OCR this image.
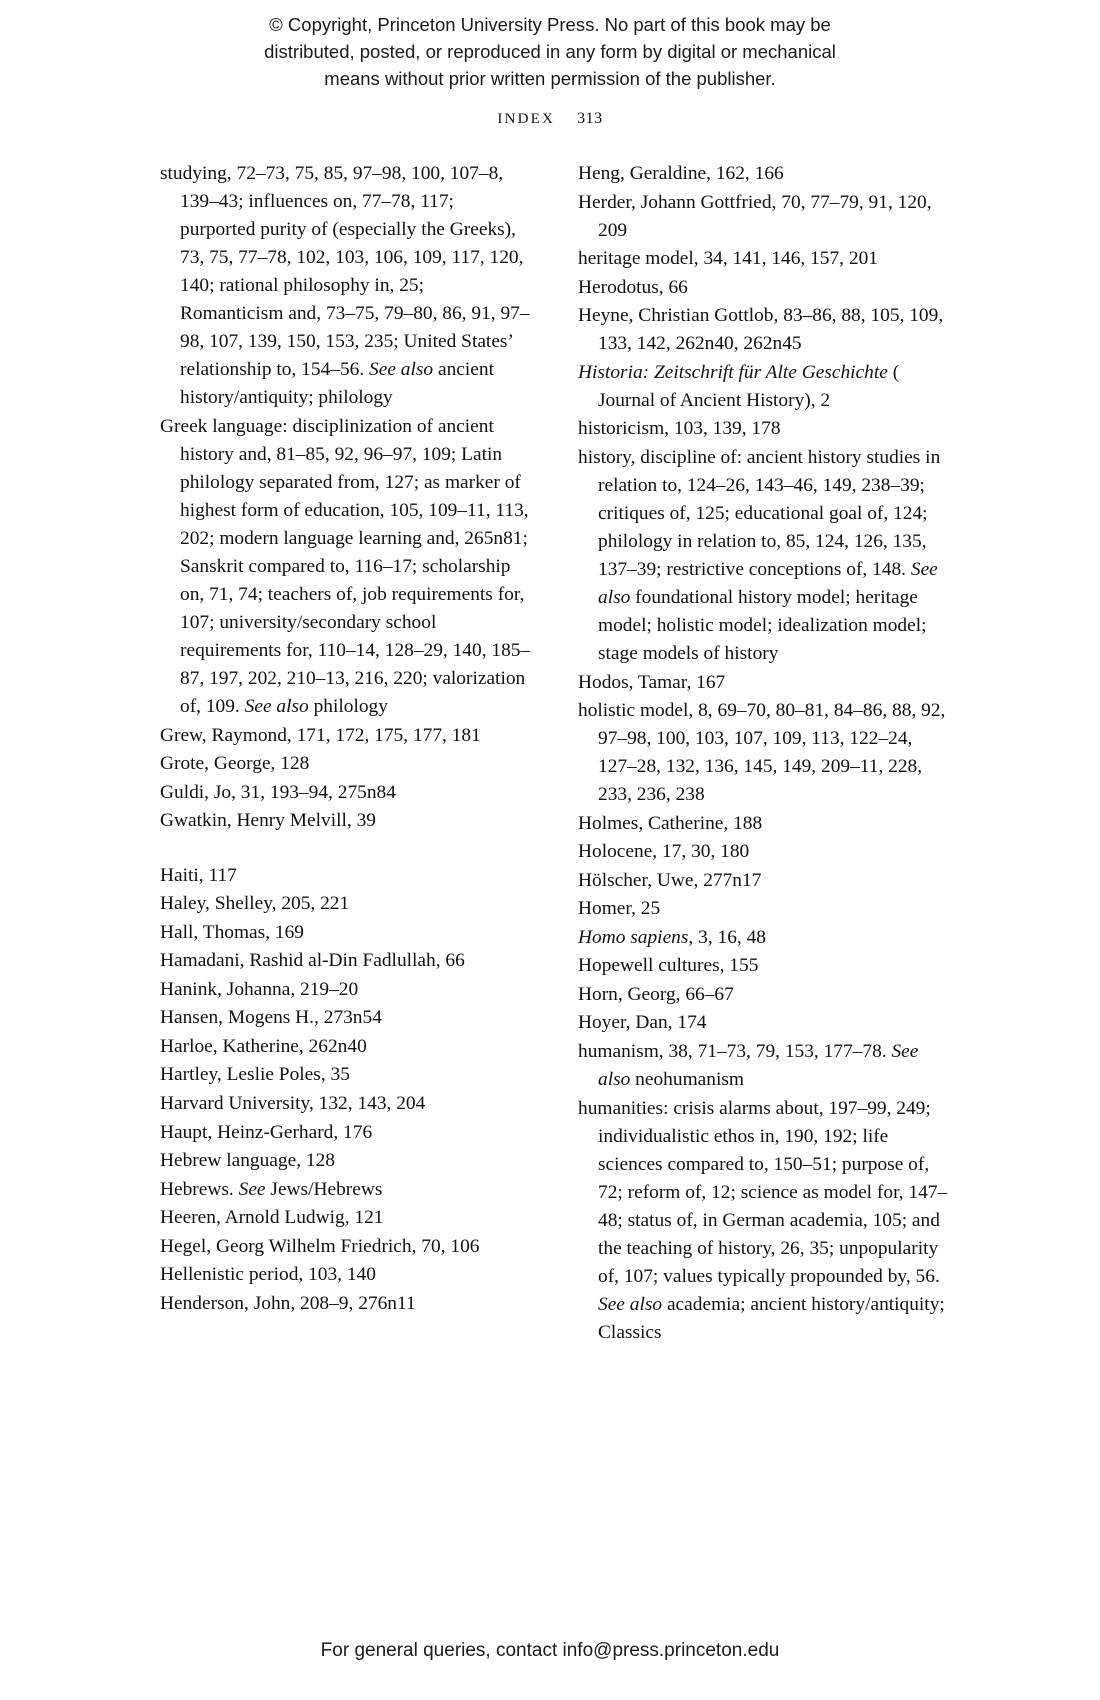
© Copyright, Princeton University Press. No part of this book may be
distributed, posted, or reproduced in any form by digital or mechanical
means without prior written permission of the publisher.
INDEX 313

studying, 72–73, 75, 85, 97–98, 100, 107–8, 139–43; influences on, 77–78, 117; purported purity of (especially the Greeks), 73, 75, 77–78, 102, 103, 106, 109, 117, 120, 140; rational philosophy in, 25; Romanticism and, 73–75, 79–80, 86, 91, 97–98, 107, 139, 150, 153, 235; United States’ relationship to, 154–56. See also ancient history/antiquity; philology

Greek language: disciplinization of ancient history and, 81–85, 92, 96–97, 109; Latin philology separated from, 127; as marker of highest form of education, 105, 109–11, 113, 202; modern language learning and, 265n81; Sanskrit compared to, 116–17; scholarship on, 71, 74; teachers of, job requirements for, 107; university/secondary school requirements for, 110–14, 128–29, 140, 185–87, 197, 202, 210–13, 216, 220; valorization of, 109. See also philology

Grew, Raymond, 171, 172, 175, 177, 181

Grote, George, 128

Guldi, Jo, 31, 193–94, 275n84

Gwatkin, Henry Melvill, 39

Haiti, 117

Haley, Shelley, 205, 221

Hall, Thomas, 169

Hamadani, Rashid al-Din Fadlullah, 66

Hanink, Johanna, 219–20

Hansen, Mogens H., 273n54

Harloe, Katherine, 262n40

Hartley, Leslie Poles, 35

Harvard University, 132, 143, 204

Haupt, Heinz-Gerhard, 176

Hebrew language, 128

Hebrews. See Jews/Hebrews

Heeren, Arnold Ludwig, 121

Hegel, Georg Wilhelm Friedrich, 70, 106

Hellenistic period, 103, 140

Henderson, John, 208–9, 276n11

Heng, Geraldine, 162, 166

Herder, Johann Gottfried, 70, 77–79, 91, 120, 209

heritage model, 34, 141, 146, 157, 201

Herodotus, 66

Heyne, Christian Gottlob, 83–86, 88, 105, 109, 133, 142, 262n40, 262n45

Historia: Zeitschrift für Alte Geschichte ( Journal of Ancient History), 2

historicism, 103, 139, 178

history, discipline of: ancient history studies in relation to, 124–26, 143–46, 149, 238–39; critiques of, 125; educational goal of, 124; philology in relation to, 85, 124, 126, 135, 137–39; restrictive conceptions of, 148. See also foundational history model; heritage model; holistic model; idealization model; stage models of history

Hodos, Tamar, 167

holistic model, 8, 69–70, 80–81, 84–86, 88, 92, 97–98, 100, 103, 107, 109, 113, 122–24, 127–28, 132, 136, 145, 149, 209–11, 228, 233, 236, 238

Holmes, Catherine, 188

Holocene, 17, 30, 180

Hölscher, Uwe, 277n17

Homer, 25

Homo sapiens, 3, 16, 48

Hopewell cultures, 155

Horn, Georg, 66–67

Hoyer, Dan, 174

humanism, 38, 71–73, 79, 153, 177–78. See also neohumanism

humanities: crisis alarms about, 197–99, 249; individualistic ethos in, 190, 192; life sciences compared to, 150–51; purpose of, 72; reform of, 12; science as model for, 147–48; status of, in German academia, 105; and the teaching of history, 26, 35; unpopularity of, 107; values typically propounded by, 56. See also academia; ancient history/antiquity; Classics

For general queries, contact info@press.princeton.edu
